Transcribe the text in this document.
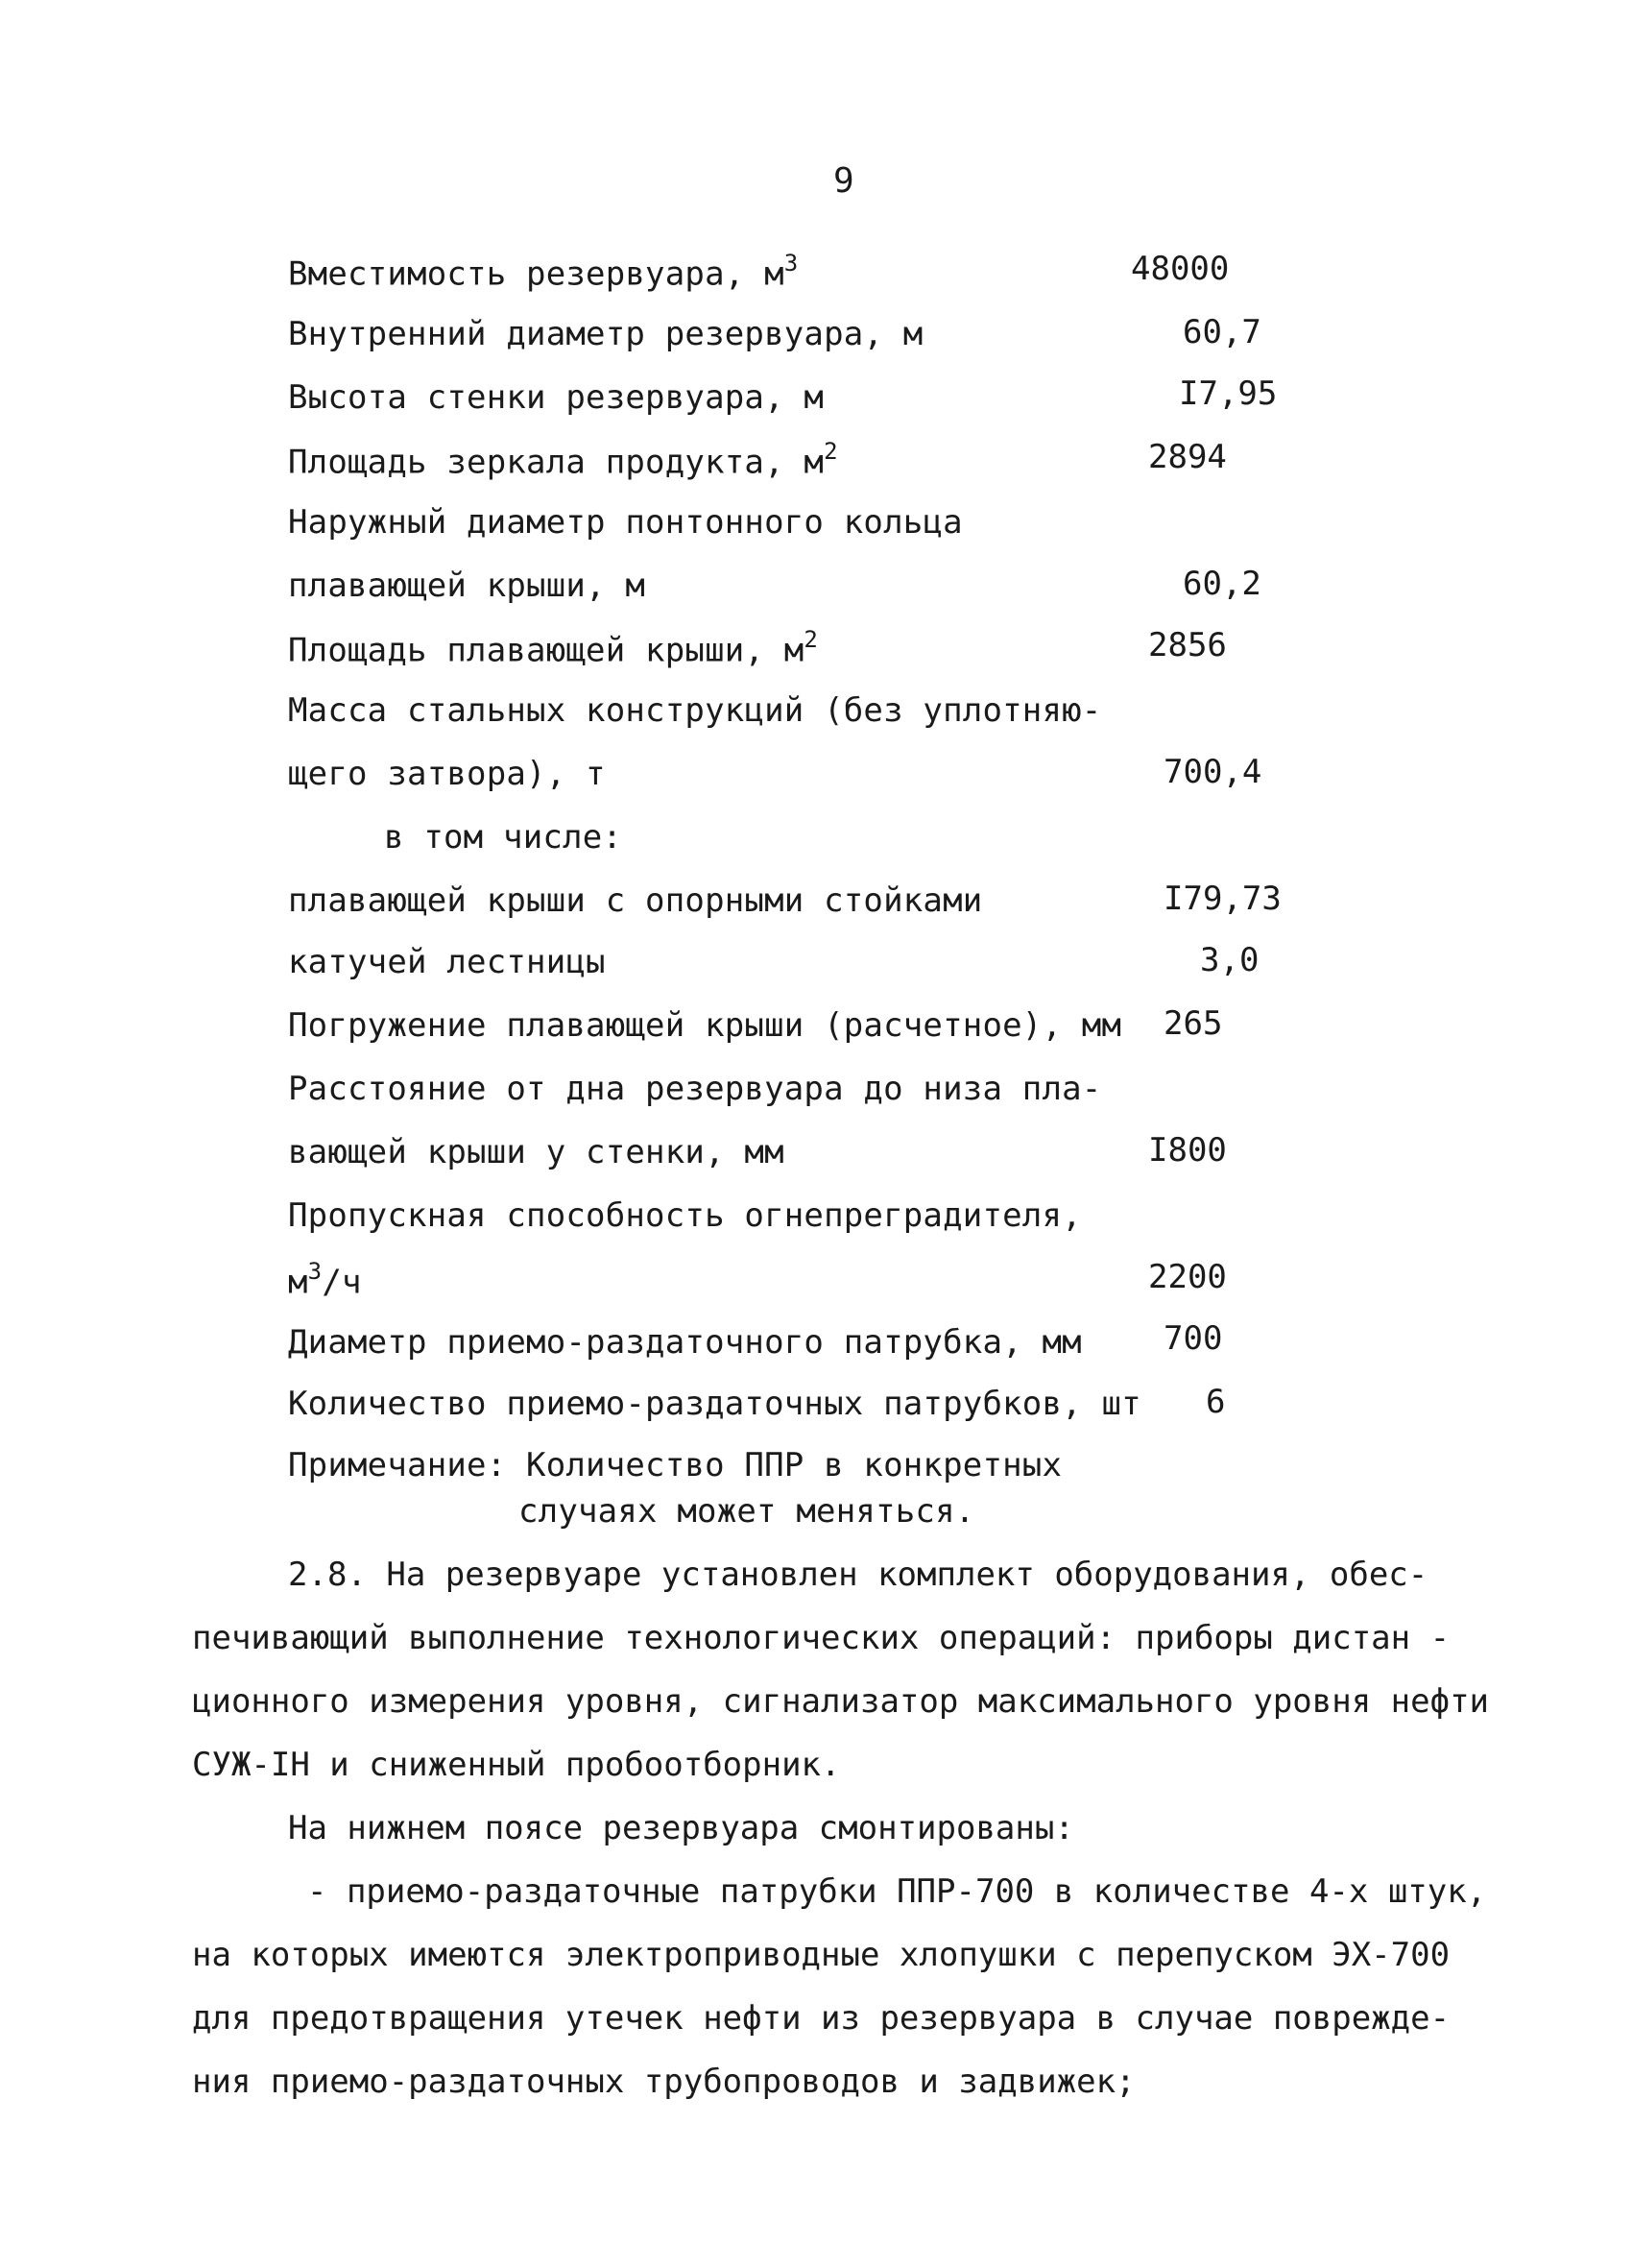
9
Вместимость резервуара, $м^3$	48000
Внутренний диаметр резервуара, м	60,7
Высота стенки резервуара, м	I7,95
Площадь зеркала продукта, $м^2$	2894
Наружный диаметр понтонного кольца
плавающей крыши, м	60,2
Площадь плавающей крыши, $м^2$	2856
Масса стальных конструкций (без уплотняю-
щего затвора), т	700,4
в том числе:
плавающей крыши с опорными стойками	I79,73
катучей лестницы	3,0
Погружение плавающей крыши (расчетное), мм 265
Расстояние от дна резервуара до низа пла-
вающей крыши у стенки, мм	I800
Пропускная способность огнепреградителя,
$м^3/ч$	2200
Диаметр приемо-раздаточного патрубка, мм	700
Количество приемо-раздаточных патрубков, шт 6
Примечание: Количество ППР в конкретных
случаях может меняться.
2.8. На резервуаре установлен комплект оборудования, обес-
печивающий выполнение технологических операций: приборы дистан -
ционного измерения уровня, сигнализатор максимального уровня нефти
СУЖ-IН и сниженный пробоотборник.
На нижнем поясе резервуара смонтированы:
- приемо-раздаточные патрубки ППР-700 в количестве 4-х штук,
на которых имеются электроприводные хлопушки с перепуском ЭХ-700
для предотвращения утечек нефти из резервуара в случае поврежде-
ния приемо-раздаточных трубопроводов и задвижек;
